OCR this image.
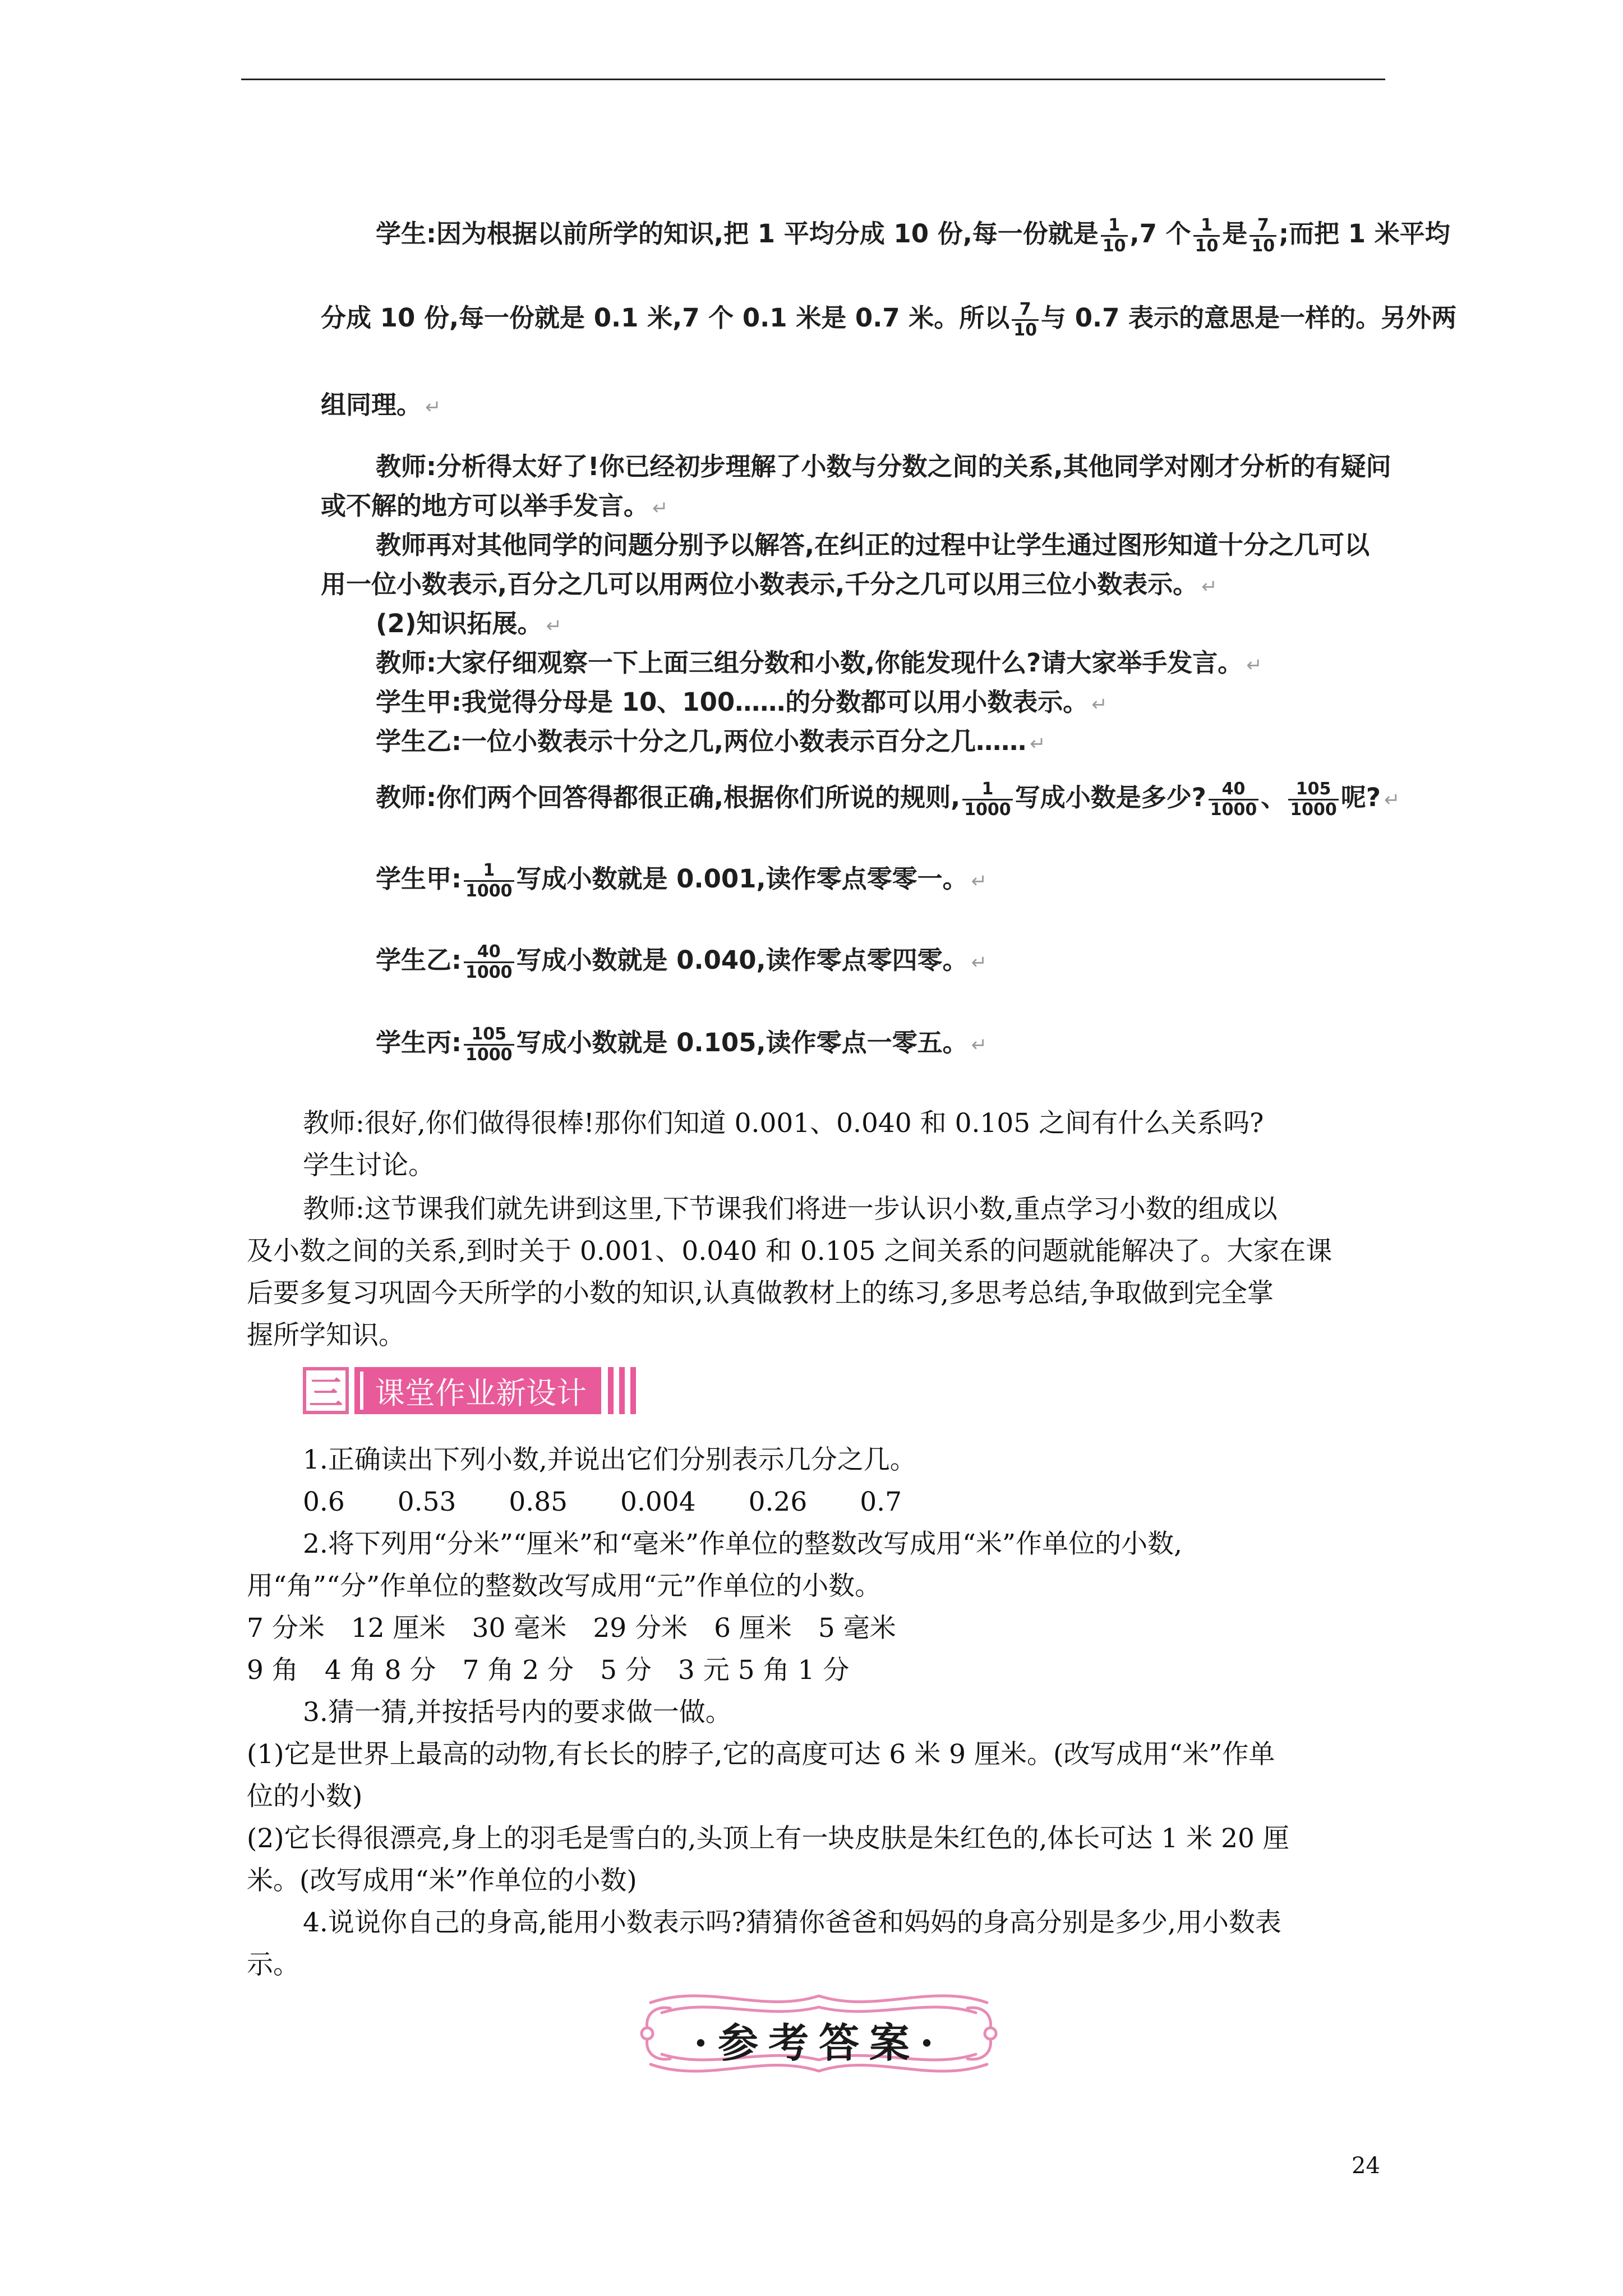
学生:因为根据以前所学的知识,把 1 平均分成 10 份,每一份就是 $\frac{1}{10} ,7$ 个 $\frac{1}{10}$ 是 $\frac{7}{10}$ ;而把 1 米平均
分成 10 份,每一份就是 0.1 米,7 个 0.1 米是 0.7 米。所以 $\frac{7}{10}$ 与 0.7 表示的意思是一样的。另外两
组同理。 ↵
教师:分析得太好了!你已经初步理解了小数与分数之间的关系,其他同学对刚才分析的有疑问
或不解的地方可以举手发言。 ↵
教师再对其他同学的问题分别予以解答,在纠正的过程中让学生通过图形知道十分之几可以
用一位小数表示,百分之几可以用两位小数表示,千分之几可以用三位小数表示。 ↵
(2)知识拓展。 ↵
教师:大家仔细观察一下上面三组分数和小数,你能发现什么?请大家举手发言。 ↵
学生甲:我觉得分母是 10、100……的分数都可以用小数表示。 ↵
学生乙:一位小数表示十分之几,两位小数表示百分之几…… ↵
教师:你们两个回答得都很正确,根据你们所说的规则, $\frac{1}{1000}$ 写成小数是多少? $\frac{40}{1000}$ 、 $\frac{105}{1000}$ 呢? ↵
学生甲: $\frac{1}{1000}$ 写成小数就是 0.001,读作零点零零一。 ↵
学生乙: $\frac{40}{1000}$ 写成小数就是 0.040,读作零点零四零。 ↵
学生丙: $\frac{105}{1000}$ 写成小数就是 0.105,读作零点一零五。 ↵
教师:很好,你们做得很棒!那你们知道 0.001、0.040 和 0.105 之间有什么关系吗?
学生讨论。
教师:这节课我们就先讲到这里,下节课我们将进一步认识小数,重点学习小数的组成以
及小数之间的关系,到时关于 0.001、0.040 和 0.105 之间关系的问题就能解决了。大家在课
后要多复习巩固今天所学的小数的知识,认真做教材上的练习,多思考总结,争取做到完全掌
握所学知识。
三	课堂作业新设计
1.正确读出下列小数,并说出它们分别表示几分之几。
0.6　　0.53　　0.85　　0.004　　0.26　　0.7
2.将下列用“分米”“厘米”和“毫米”作单位的整数改写成用“米”作单位的小数,
用“角”“分”作单位的整数改写成用“元”作单位的小数。
7 分米　12 厘米　30 毫米　29 分米　6 厘米　5 毫米
9 角　4 角 8 分　7 角 2 分　5 分　3 元 5 角 1 分
3.猜一猜,并按括号内的要求做一做。
(1)它是世界上最高的动物,有长长的脖子,它的高度可达 6 米 9 厘米。(改写成用“米”作单
位的小数)
(2)它长得很漂亮,身上的羽毛是雪白的,头顶上有一块皮肤是朱红色的,体长可达 1 米 20 厘
米。(改写成用“米”作单位的小数)
4.说说你自己的身高,能用小数表示吗?猜猜你爸爸和妈妈的身高分别是多少,用小数表
示。
·参考答案·
24
